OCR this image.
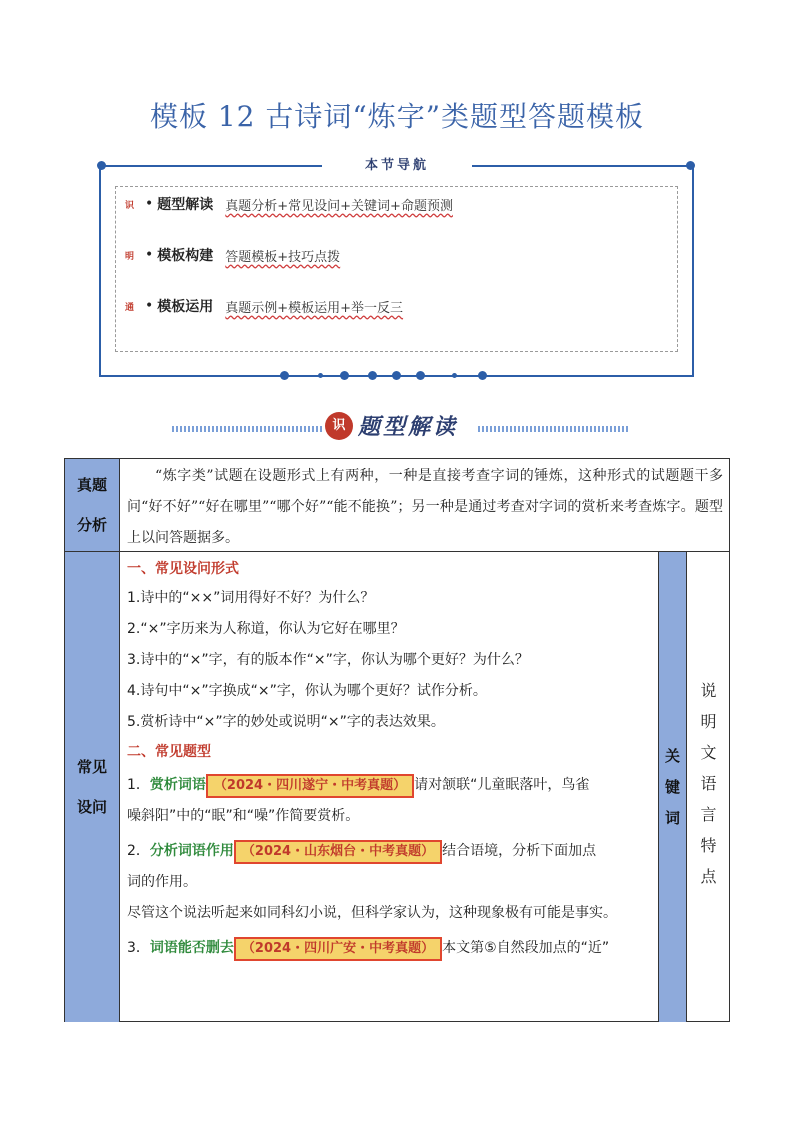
模板 12 古诗词“炼字”类题型答题模板
本节导航
识 • 题型解读 真题分析+常见设问+关键词+命题预测
明 • 模板构建 答题模板+技巧点拨
通 • 模板运用 真题示例+模板运用+举一反三
识 题型解读
真题
分析
“炼字类”试题在设题形式上有两种，一种是直接考查字词的锤炼，这种形式的试题题干多问“好不好”“好在哪里”“哪个好”“能不能换”；另一种是通过考查对字词的赏析来考查炼字。题型上以问答题据多。
常见
设问
关
键
词
说
明
文
语
言
特
点
一、常见设问形式
1.诗中的“××”词用得好不好？为什么？
2.“×”字历来为人称道，你认为它好在哪里？
3.诗中的“×”字，有的版本作“×”字，你认为哪个更好？为什么？
4.诗句中“×”字换成“×”字，你认为哪个更好？试作分析。
5.赏析诗中“×”字的妙处或说明“×”字的表达效果。
二、常见题型
1．赏析词语 （2024・四川遂宁・中考真题） 请对颔联“儿童眠落叶，鸟雀
噪斜阳”中的“眠”和“噪”作简要赏析。
2．分析词语作用 （2024・山东烟台・中考真题） 结合语境，分析下面加点
词的作用。
尽管这个说法听起来如同科幻小说，但科学家认为，这种现象极有可能是事实。
3．词语能否删去 （2024・四川广安・中考真题） 本文第⑤自然段加点的“近”
